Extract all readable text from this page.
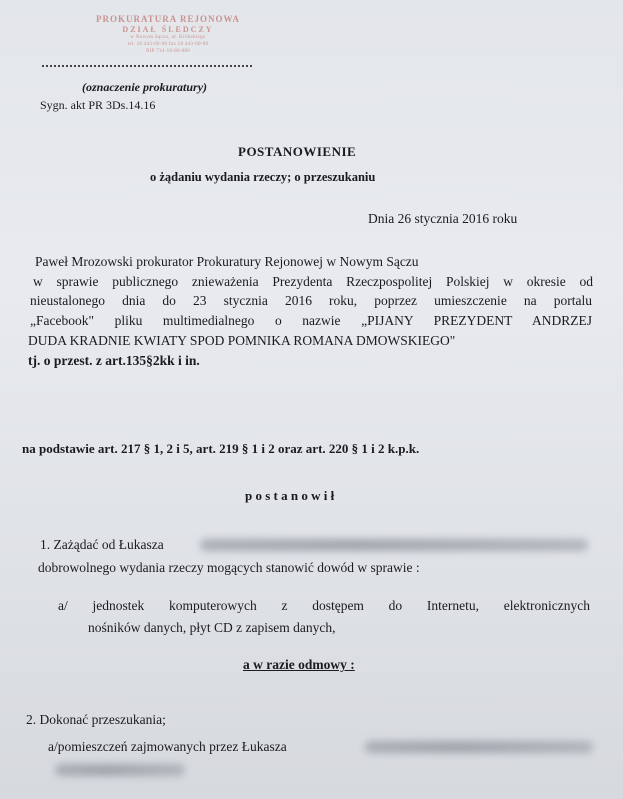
PROKURATURA REJONOWA
DZIAŁ ŚLEDCZY
w Nowym Sączu, ul. Kilińskiego
tel. 18 443-00-00 fax 18 443-00-00
NIP 734-10-00-000
(oznaczenie prokuratury)
Sygn. akt PR 3Ds.14.16
POSTANOWIENIE
o żądaniu wydania rzeczy; o przeszukaniu
Dnia 26 stycznia 2016 roku
Paweł Mrozowski prokurator Prokuratury Rejonowej w Nowym Sączu
w sprawie publicznego znieważenia Prezydenta Rzeczpospolitej Polskiej w okresie od
nieustalonego dnia do 23 stycznia 2016 roku, poprzez umieszczenie na portalu
„Facebook" pliku multimedialnego o nazwie „PIJANY PREZYDENT ANDRZEJ
DUDA KRADNIE KWIATY SPOD POMNIKA ROMANA DMOWSKIEGO"
tj. o przest. z art.135§2kk i in.
na podstawie art. 217 § 1, 2 i 5, art. 219 § 1 i 2 oraz art. 220 § 1 i 2 k.p.k.
p o s t a n o w i ł
1. Zażądać od Łukasza
dobrowolnego wydania rzeczy mogących stanowić dowód w sprawie :
a/ jednostek komputerowych z dostępem do Internetu, elektronicznych
nośników danych, płyt CD z zapisem danych,
a w razie odmowy :
2. Dokonać przeszukania;
a/pomieszczeń zajmowanych przez Łukasza
